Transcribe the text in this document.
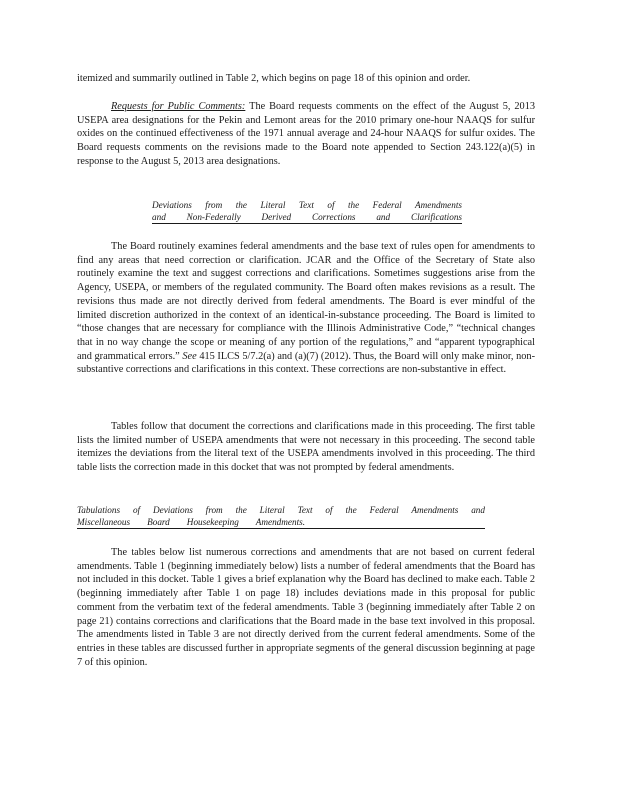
itemized and summarily outlined in Table 2, which begins on page 18 of this opinion and order.

Requests for Public Comments: The Board requests comments on the effect of the August 5, 2013 USEPA area designations for the Pekin and Lemont areas for the 2010 primary one-hour NAAQS for sulfur oxides on the continued effectiveness of the 1971 annual average and 24-hour NAAQS for sulfur oxides. The Board requests comments on the revisions made to the Board note appended to Section 243.122(a)(5) in response to the August 5, 2013 area designations.

Deviations from the Literal Text of the Federal Amendments
and Non-Federally Derived Corrections and Clarifications

The Board routinely examines federal amendments and the base text of rules open for amendments to find any areas that need correction or clarification. JCAR and the Office of the Secretary of State also routinely examine the text and suggest corrections and clarifications. Sometimes suggestions arise from the Agency, USEPA, or members of the regulated community. The Board often makes revisions as a result. The revisions thus made are not directly derived from federal amendments. The Board is ever mindful of the limited discretion authorized in the context of an identical-in-substance proceeding. The Board is limited to “those changes that are necessary for compliance with the Illinois Administrative Code,” “technical changes that in no way change the scope or meaning of any portion of the regulations,” and “apparent typographical and grammatical errors.” See 415 ILCS 5/7.2(a) and (a)(7) (2012). Thus, the Board will only make minor, non-substantive corrections and clarifications in this context. These corrections are non-substantive in effect.

Tables follow that document the corrections and clarifications made in this proceeding. The first table lists the limited number of USEPA amendments that were not necessary in this proceeding. The second table itemizes the deviations from the literal text of the USEPA amendments involved in this proceeding. The third table lists the correction made in this docket that was not prompted by federal amendments.

Tabulations of Deviations from the Literal Text of the Federal Amendments and
Miscellaneous Board Housekeeping Amendments.

The tables below list numerous corrections and amendments that are not based on current federal amendments. Table 1 (beginning immediately below) lists a number of federal amendments that the Board has not included in this docket. Table 1 gives a brief explanation why the Board has declined to make each. Table 2 (beginning immediately after Table 1 on page 18) includes deviations made in this proposal for public comment from the verbatim text of the federal amendments. Table 3 (beginning immediately after Table 2 on page 21) contains corrections and clarifications that the Board made in the base text involved in this proposal. The amendments listed in Table 3 are not directly derived from the current federal amendments. Some of the entries in these tables are discussed further in appropriate segments of the general discussion beginning at page 7 of this opinion.
